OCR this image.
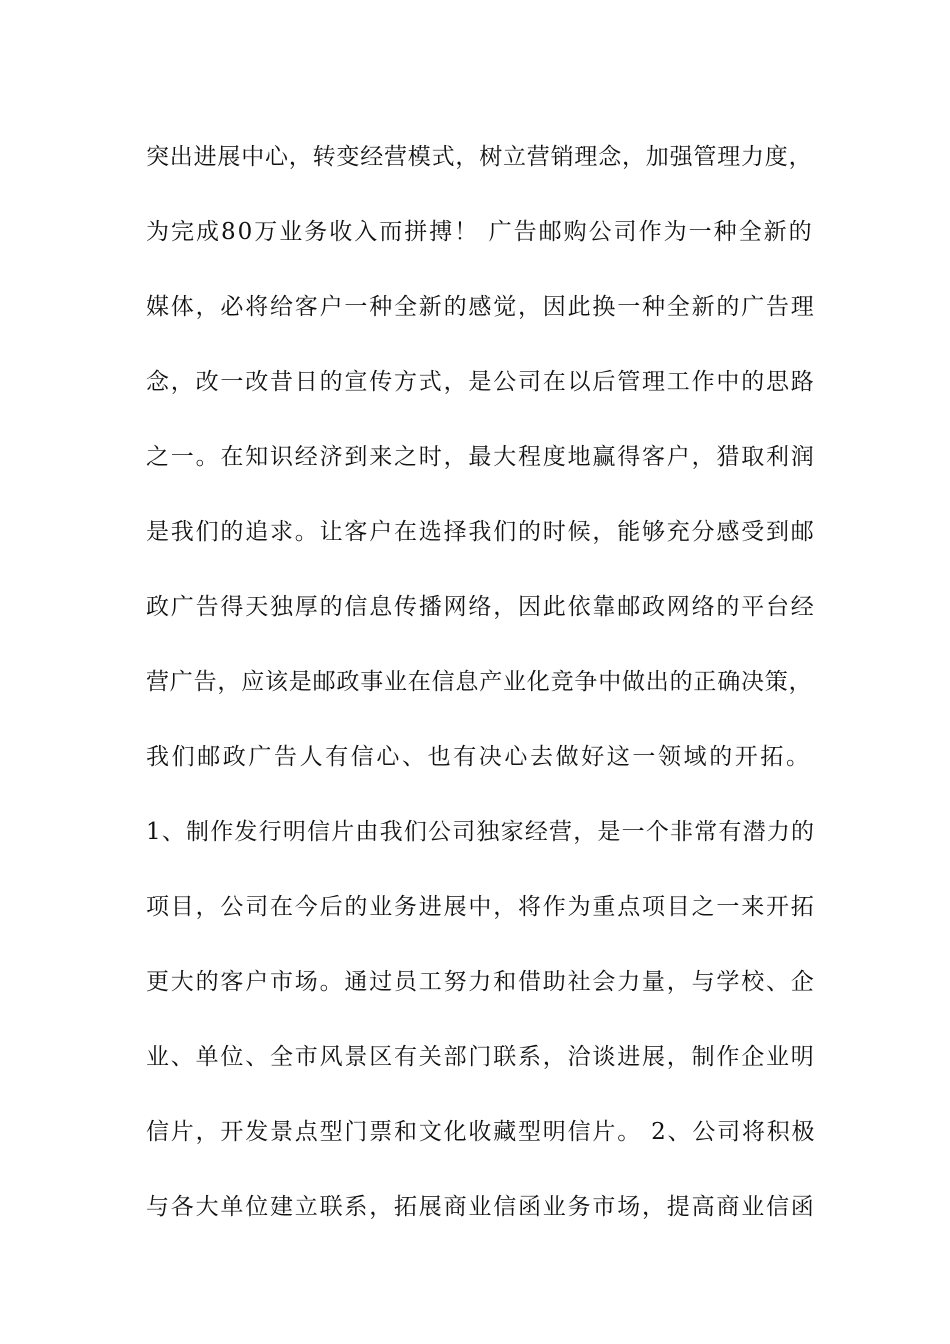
突出进展中心，转变经营模式，树立营销理念，加强管理力度，
为完成80万业务收入而拼搏！ 广告邮购公司作为一种全新的
媒体，必将给客户一种全新的感觉，因此换一种全新的广告理
念，改一改昔日的宣传方式，是公司在以后管理工作中的思路
之一。在知识经济到来之时，最大程度地赢得客户，猎取利润
是我们的追求。让客户在选择我们的时候，能够充分感受到邮
政广告得天独厚的信息传播网络，因此依靠邮政网络的平台经
营广告，应该是邮政事业在信息产业化竞争中做出的正确决策，
我们邮政广告人有信心、也有决心去做好这一领域的开拓。
1、制作发行明信片由我们公司独家经营，是一个非常有潜力的
项目，公司在今后的业务进展中，将作为重点项目之一来开拓
更大的客户市场。通过员工努力和借助社会力量，与学校、企
业、单位、全市风景区有关部门联系，洽谈进展，制作企业明
信片，开发景点型门票和文化收藏型明信片。 2、公司将积极
与各大单位建立联系，拓展商业信函业务市场，提高商业信函
